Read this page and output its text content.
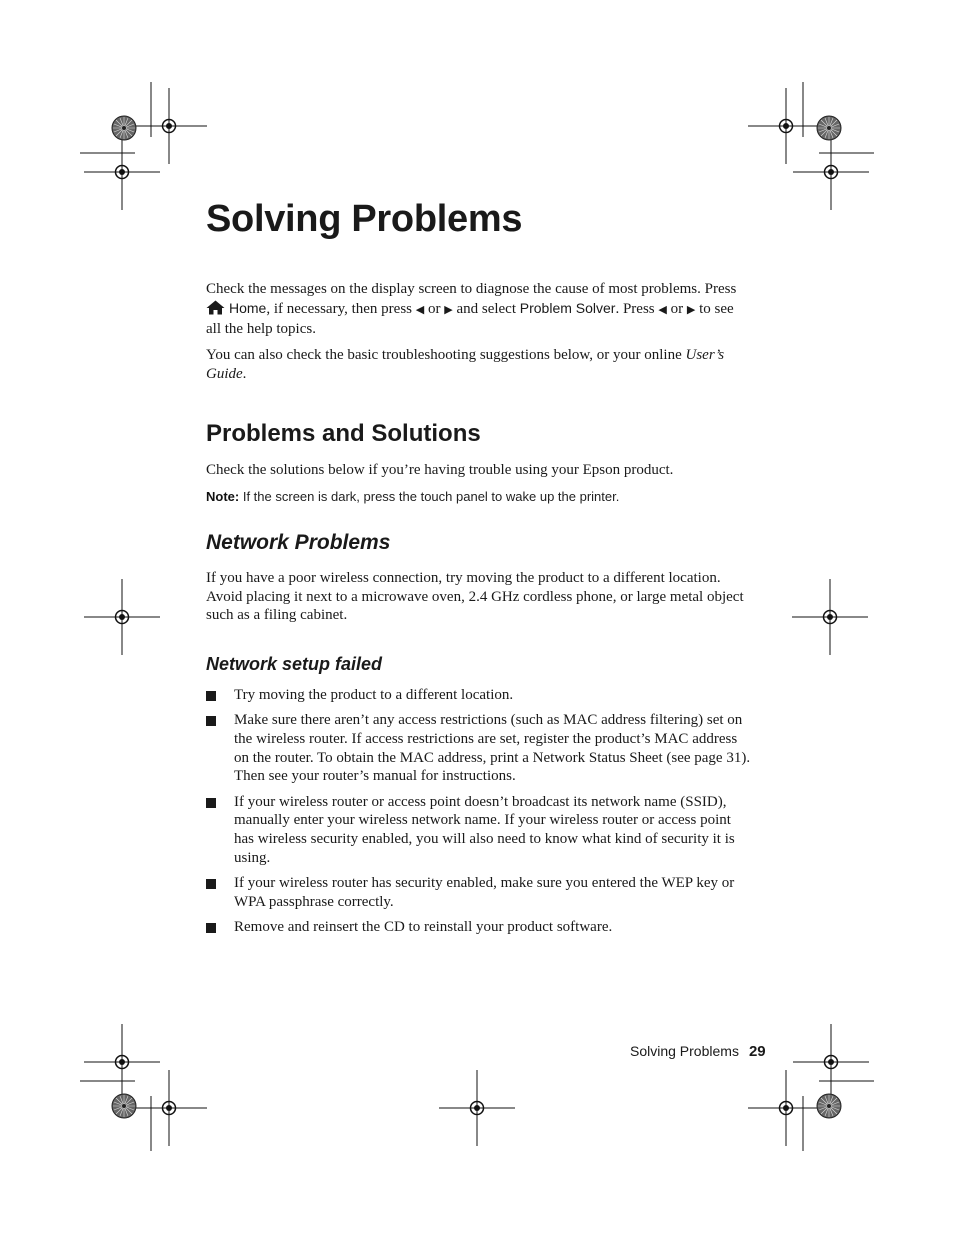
Solving Problems

Check the messages on the display screen to diagnose the cause of most problems. Press
Home, if necessary, then press ◀ or ▶ and select Problem Solver. Press ◀ or ▶ to see all the help topics.

You can also check the basic troubleshooting suggestions below, or your online User’s Guide.

Problems and Solutions

Check the solutions below if you’re having trouble using your Epson product.

Note: If the screen is dark, press the touch panel to wake up the printer.

Network Problems

If you have a poor wireless connection, try moving the product to a different location. Avoid placing it next to a microwave oven, 2.4 GHz cordless phone, or large metal object such as a filing cabinet.

Network setup failed
Try moving the product to a different location.
Make sure there aren’t any access restrictions (such as MAC address filtering) set on the wireless router. If access restrictions are set, register the product’s MAC address on the router. To obtain the MAC address, print a Network Status Sheet (see page 31). Then see your router’s manual for instructions.
If your wireless router or access point doesn’t broadcast its network name (SSID), manually enter your wireless network name. If your wireless router or access point has wireless security enabled, you will also need to know what kind of security it is using.
If your wireless router has security enabled, make sure you entered the WEP key or WPA passphrase correctly.
Remove and reinsert the CD to reinstall your product software.
Solving Problems 29
